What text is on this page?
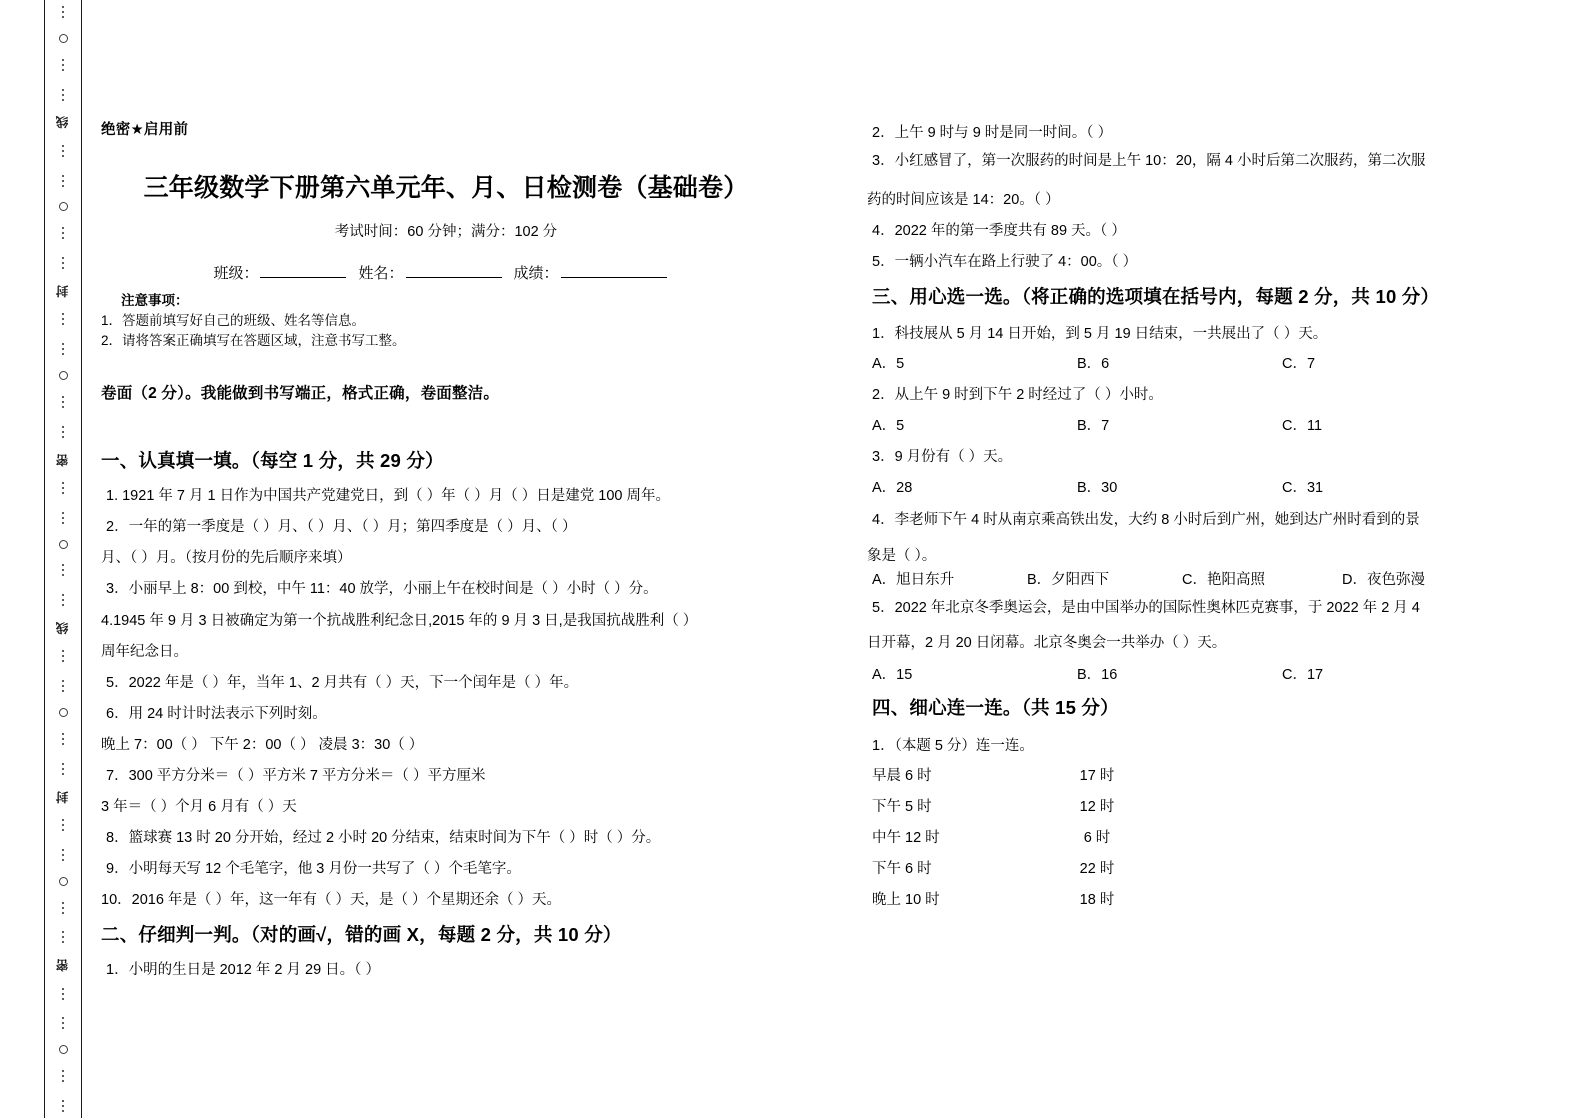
线
封
密
线
封
密
绝密★启用前
三年级数学下册第六单元年、月、日检测卷（基础卷）
考试时间：60 分钟；满分：102 分
班级：	姓名：	成绩：
注意事项：
1．答题前填写好自己的班级、姓名等信息。
2．请将答案正确填写在答题区域，注意书写工整。
卷面（2 分）。我能做到书写端正，格式正确，卷面整洁。
一、认真填一填。（每空 1 分，共 29 分）
1. 1921 年 7 月 1 日作为中国共产党建党日，到（ ）年（ ）月（ ）日是建党 100 周年。
2．一年的第一季度是（ ）月、（ ）月、（ ）月；第四季度是（ ）月、（ ）
月、（ ）月。（按月份的先后顺序来填）
3．小丽早上 8：00 到校，中午 11：40 放学，小丽上午在校时间是（ ）小时（ ）分。
4.1945 年 9 月 3 日被确定为第一个抗战胜利纪念日,2015 年的 9 月 3 日,是我国抗战胜利（ ）
周年纪念日。
5．2022 年是（ ）年，当年 1、2 月共有（ ）天，下一个闰年是（ ）年。
6．用 24 时计时法表示下列时刻。
晚上 7：00（ ） 下午 2：00（ ） 凌晨 3：30（ ）
7．300 平方分米＝（ ）平方米 7 平方分米＝（ ）平方厘米
3 年＝（ ）个月 6 月有（ ）天
8．篮球赛 13 时 20 分开始，经过 2 小时 20 分结束，结束时间为下午（ ）时（ ）分。
9．小明每天写 12 个毛笔字，他 3 月份一共写了（ ）个毛笔字。
10．2016 年是（ ）年，这一年有（ ）天，是（ ）个星期还余（ ）天。
二、仔细判一判。（对的画√，错的画 X，每题 2 分，共 10 分）
1．小明的生日是 2012 年 2 月 29 日。（ ）
2．上午 9 时与 9 时是同一时间。（ ）
3．小红感冒了，第一次服药的时间是上午 10：20，隔 4 小时后第二次服药，第二次服
药的时间应该是 14：20。（ ）
4．2022 年的第一季度共有 89 天。（ ）
5．一辆小汽车在路上行驶了 4：00。（ ）
三、用心选一选。（将正确的选项填在括号内，每题 2 分，共 10 分）
1．科技展从 5 月 14 日开始，到 5 月 19 日结束，一共展出了（ ）天。
A．5	B．6	C．7
2．从上午 9 时到下午 2 时经过了（ ）小时。
A．5	B．7	C．11
3．9 月份有（ ）天。
A．28	B．30	C．31
4．李老师下午 4 时从南京乘高铁出发，大约 8 小时后到广州，她到达广州时看到的景
象是（ ）。
A．旭日东升	B．夕阳西下	C．艳阳高照	D．夜色弥漫
5．2022 年北京冬季奥运会，是由中国举办的国际性奥林匹克赛事，于 2022 年 2 月 4
日开幕，2 月 20 日闭幕。北京冬奥会一共举办（ ）天。
A．15	B．16	C．17
四、细心连一连。（共 15 分）
1．（本题 5 分）连一连。
早晨 6 时	17 时
下午 5 时	12 时
中午 12 时	6 时
下午 6 时	22 时
晚上 10 时	18 时
